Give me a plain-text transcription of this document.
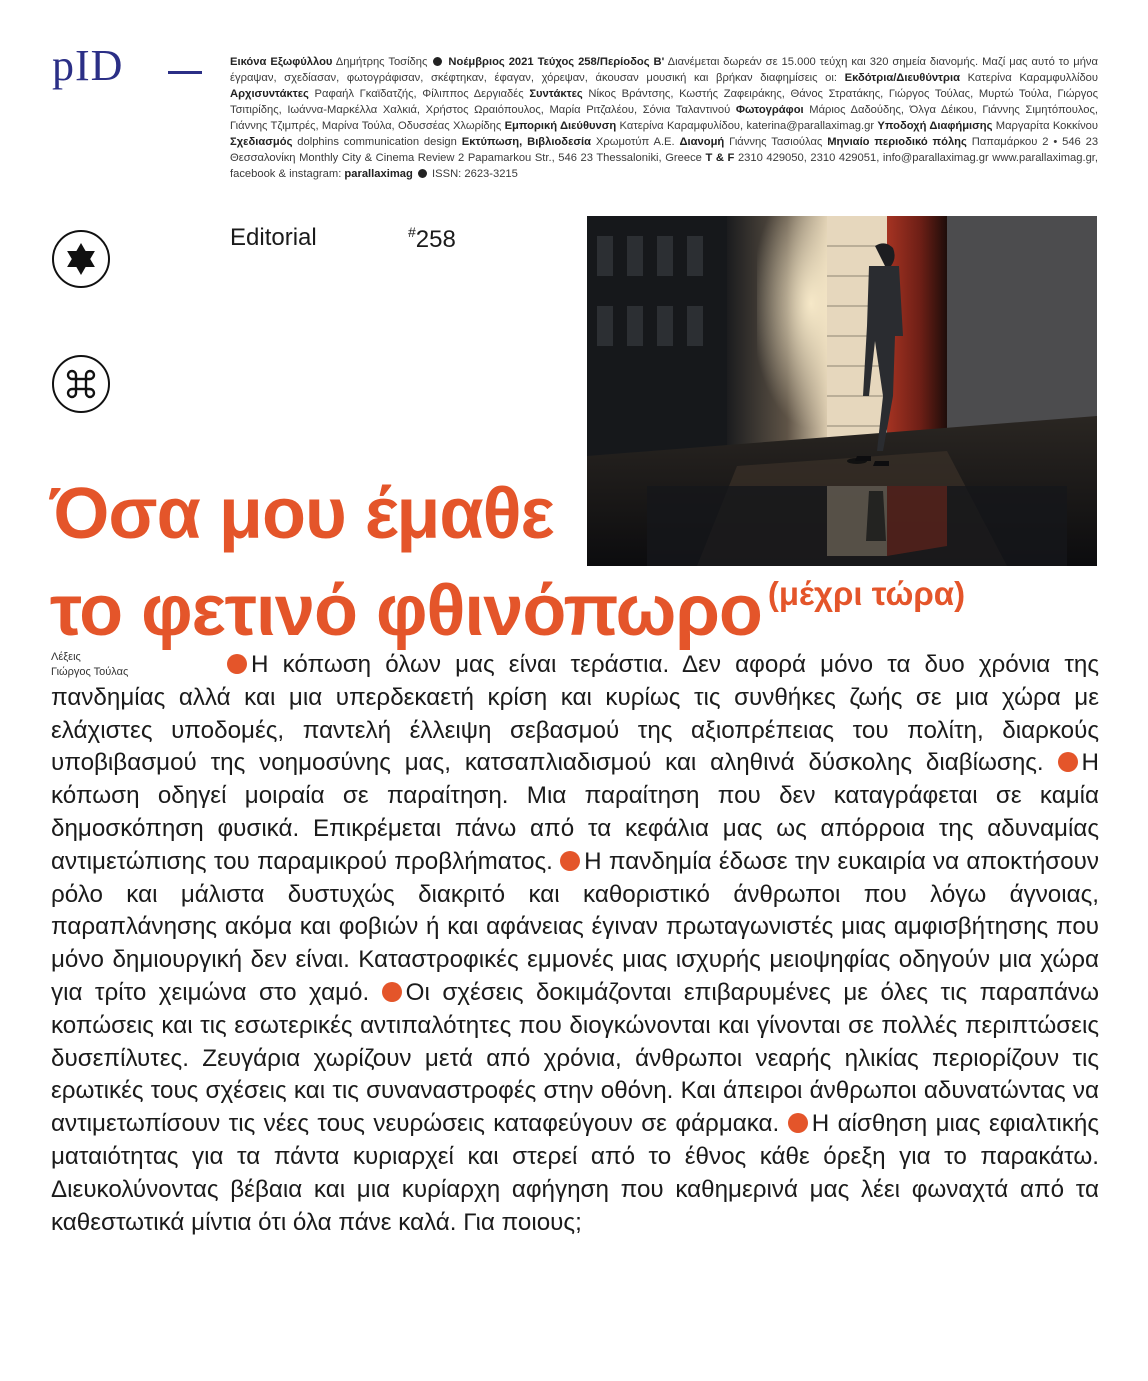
pID	Εικόνα Εξωφύλλου Δημήτρης Τοσίδης Νοέμβριος 2021 Τεύχος 258/Περίοδος Β' Διανέμεται δωρεάν σε 15.000 τεύχη και 320 σημεία διανομής. Μαζί μας αυτό το μήνα έγραψαν, σχεδίασαν, φωτογράφισαν, σκέφτηκαν, έφαγαν, χόρεψαν, άκουσαν μουσική και βρήκαν διαφημίσεις οι: Εκδότρια/Διευθύντρια Κατερίνα Καραμφυλλίδου Αρχισυντάκτες Ραφαήλ Γκαϊδατζής, Φίλιππος Δεργιαδές Συντάκτες Νίκος Βράντσης, Κωστής Ζαφειράκης, Θάνος Στρατάκης, Γιώργος Τούλας, Μυρτώ Τούλα, Γιώργος Τσιτιρίδης, Ιωάννα-Μαρκέλλα Χαλκιά, Χρήστος Ωραιόπουλος, Μαρία Ριτζαλέου, Σόνια Ταλαντινού Φωτογράφοι Μάριος Δαδούδης, Όλγα Δέικου, Γιάννης Σιμητόπουλος, Γιάννης Τζιμπρές, Μαρίνα Τούλα, Οδυσσέας Χλωρίδης Εμπορική Διεύθυνση Κατερίνα Καραμφυλίδου, katerina@parallaximag.gr Υποδοχή Διαφήμισης Μαργαρίτα Κοκκίνου Σχεδιασμός dolphins communication design Εκτύπωση, Βιβλιοδεσία Χρωμοτύπ Α.Ε. Διανομή Γιάννης Τασιούλας Μηνιαίο περιοδικό πόλης Παπαμάρκου 2 • 546 23 Θεσσαλονίκη Monthly City & Cinema Review 2 Papamarkou Str., 546 23 Thessaloniki, Greece T & F 2310 429050, 2310 429051, info@parallaximag.gr www.parallaximag.gr, facebook & instagram: parallaximag ISSN: 2623-3215
Editorial	#258
Όσα μου έμαθε
το φετινό φθινόπωρο $^{(\mu έ\chi\rho\iota \tau ώ\rho\alpha)}$
Λέξεις
Γιώργος Τούλας	Η κόπωση όλων μας είναι τεράστια. Δεν αφορά μόνο τα δυο χρόνια της πανδημίας αλλά και μια υπερδεκαετή κρίση και κυρίως τις συνθήκες ζωής σε μια χώρα με ελάχιστες υποδομές, παντελή έλλειψη σεβασμού της αξιοπρέπειας του πολίτη, διαρκούς υποβιβασμού της νοημοσύνης μας, κατσαπλιαδισμού και αληθινά δύσκολης διαβίωσης. Η κόπωση οδηγεί μοιραία σε παραίτηση. Μια παραίτηση που δεν καταγράφεται σε καμία δημοσκόπηση φυσικά. Επικρέμεται πάνω από τα κεφάλια μας ως απόρροια της αδυναμίας αντιμετώπισης του παραμικρού προβλήmατος. Η πανδημία έδωσε την ευκαιρία να αποκτήσουν ρόλο και μάλιστα δυστυχώς διακριτό και καθοριστικό άνθρωποι που λόγω άγνοιας, παραπλάνησης ακόμα και φοβιών ή και αφάνειας έγιναν πρωταγωνιστές μιας αμφισβήτησης που μόνο δημιουργική δεν είναι. Καταστροφικές εμμονές μιας ισχυρής μειοψηφίας οδηγούν μια χώρα για τρίτο χειμώνα στο χαμό. Οι σχέσεις δοκιμάζονται επιβαρυμένες με όλες τις παραπάνω κοπώσεις και τις εσωτερικές αντιπαλότητες που διογκώνονται και γίνονται σε πολλές περιπτώσεις δυσεπίλυτες. Ζευγάρια χωρίζουν μετά από χρόνια, άνθρωποι νεαρής ηλικίας περιορίζουν τις ερωτικές τους σχέσεις και τις συναναστροφές στην οθόνη. Και άπειροι άνθρωποι αδυνατώντας να αντιμετωπίσουν τις νέες τους νευρώσεις καταφεύγουν σε φάρμακα. Η αίσθηση μιας εφιαλτικής ματαιότητας για τα πάντα κυριαρχεί και στερεί από το έθνος κάθε όρεξη για το παρακάτω. Διευκολύνοντας βέβαια και μια κυρίαρχη αφήγηση που καθημερινά μας λέει φωναχτά από τα καθεστωτικά μίντια ότι όλα πάνε καλά. Για ποιους;
